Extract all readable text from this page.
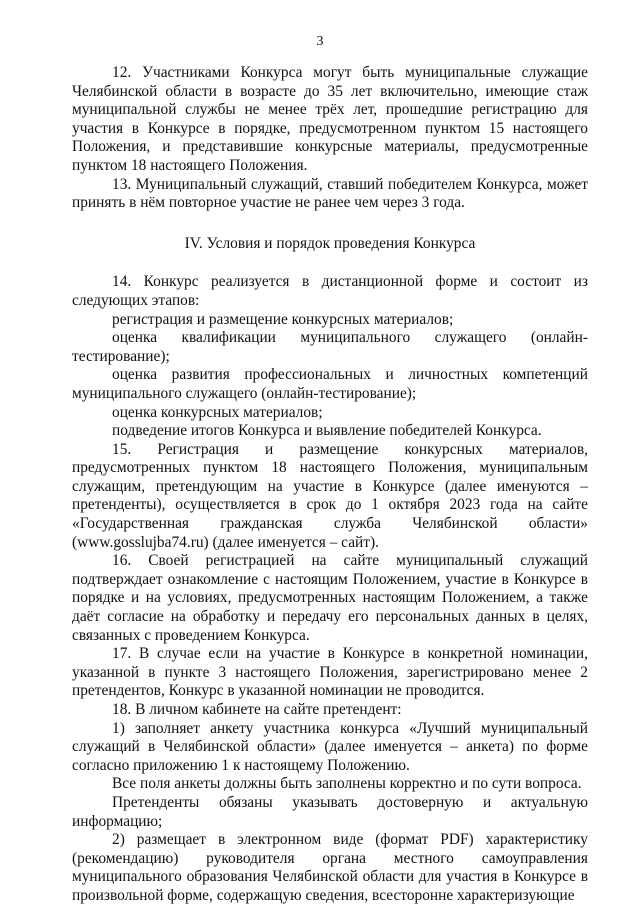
3

12. Участниками Конкурса могут быть муниципальные служащие Челябинской области в возрасте до 35 лет включительно, имеющие стаж муниципальной службы не менее трёх лет, прошедшие регистрацию для участия в Конкурсе в порядке, предусмотренном пунктом 15 настоящего Положения, и представившие конкурсные материалы, предусмотренные пунктом 18 настоящего Положения.

13. Муниципальный служащий, ставший победителем Конкурса, может принять в нём повторное участие не ранее чем через 3 года.

IV. Условия и порядок проведения Конкурса

14. Конкурс реализуется в дистанционной форме и состоит из следующих этапов:

регистрация и размещение конкурсных материалов;

оценка квалификации муниципального служащего (онлайн-тестирование);

оценка развития профессиональных и личностных компетенций муниципального служащего (онлайн-тестирование);

оценка конкурсных материалов;

подведение итогов Конкурса и выявление победителей Конкурса.

15. Регистрация и размещение конкурсных материалов, предусмотренных пунктом 18 настоящего Положения, муниципальным служащим, претендующим на участие в Конкурсе (далее именуются – претенденты), осуществляется в срок до 1 октября 2023 года на сайте «Государственная гражданская служба Челябинской области» (www.gosslujba74.ru) (далее именуется – сайт).

16. Своей регистрацией на сайте муниципальный служащий подтверждает ознакомление с настоящим Положением, участие в Конкурсе в порядке и на условиях, предусмотренных настоящим Положением, а также даёт согласие на обработку и передачу его персональных данных в целях, связанных с проведением Конкурса.

17. В случае если на участие в Конкурсе в конкретной номинации, указанной в пункте 3 настоящего Положения, зарегистрировано менее 2 претендентов, Конкурс в указанной номинации не проводится.

18. В личном кабинете на сайте претендент:

1) заполняет анкету участника конкурса «Лучший муниципальный служащий в Челябинской области» (далее именуется – анкета) по форме согласно приложению 1 к настоящему Положению.

Все поля анкеты должны быть заполнены корректно и по сути вопроса.

Претенденты обязаны указывать достоверную и актуальную информацию;

2) размещает в электронном виде (формат PDF) характеристику (рекомендацию) руководителя органа местного самоуправления муниципального образования Челябинской области для участия в Конкурсе в произвольной форме, содержащую сведения, всесторонне характеризующие
